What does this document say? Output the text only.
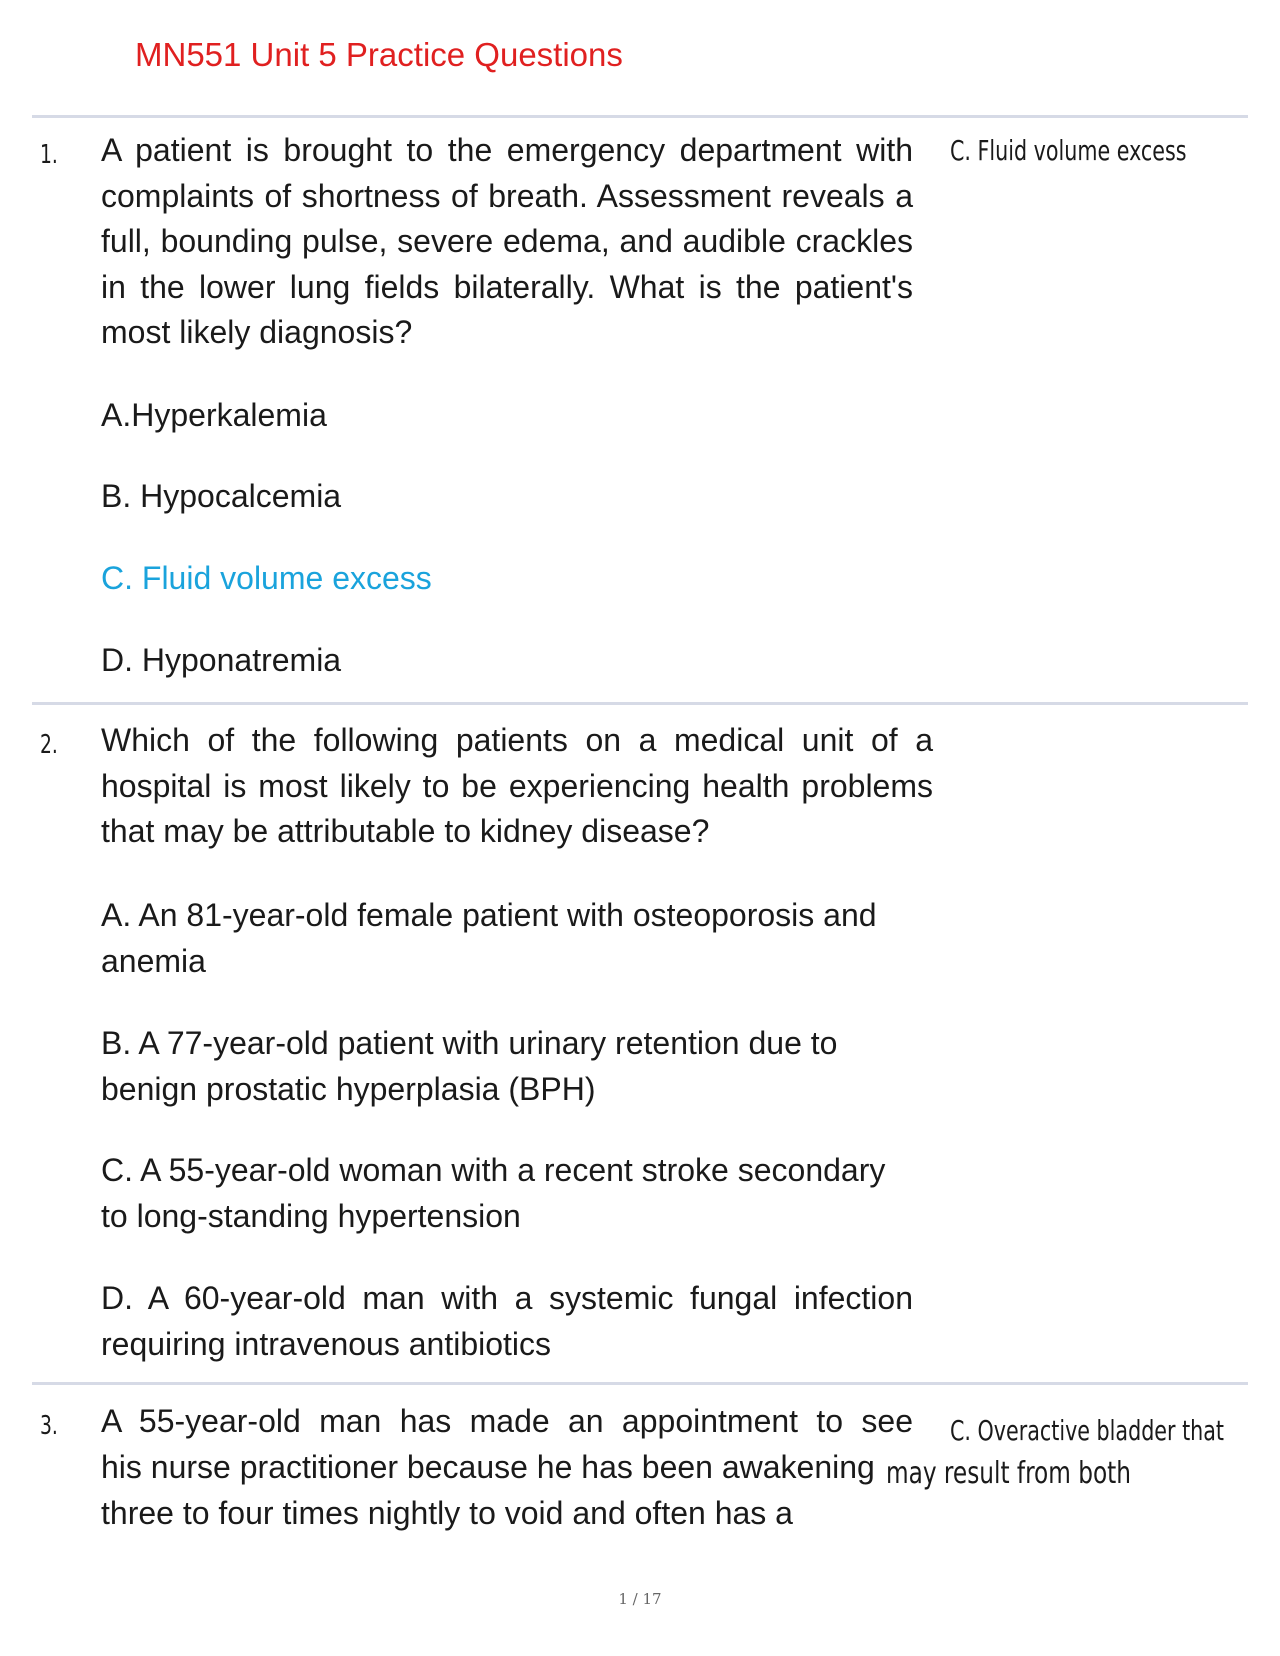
MN551 Unit 5 Practice Questions
1. A patient is brought to the emergency department with complaints of shortness of breath. Assessment reveals a full, bounding pulse, severe edema, and audible crackles in the lower lung fields bilaterally. What is the patient's most likely diagnosis?

C. Fluid volume excess
A.Hyperkalemia
B. Hypocalcemia
C. Fluid volume excess
D. Hyponatremia
2. Which of the following patients on a medical unit of a hospital is most likely to be experiencing health problems that may be attributable to kidney disease?

A. An 81-year-old female patient with osteoporosis and anemia
B. A 77-year-old patient with urinary retention due to benign prostatic hyperplasia (BPH)
C. A 55-year-old woman with a recent stroke secondary to long-standing hypertension
D. A 60-year-old man with a systemic fungal infection requiring intravenous antibiotics
3. A 55-year-old man has made an appointment to see
his nurse practitioner because he has been awakening
three to four times nightly to void and often has a
C. Overactive bladder that
may result from both
1 / 17
